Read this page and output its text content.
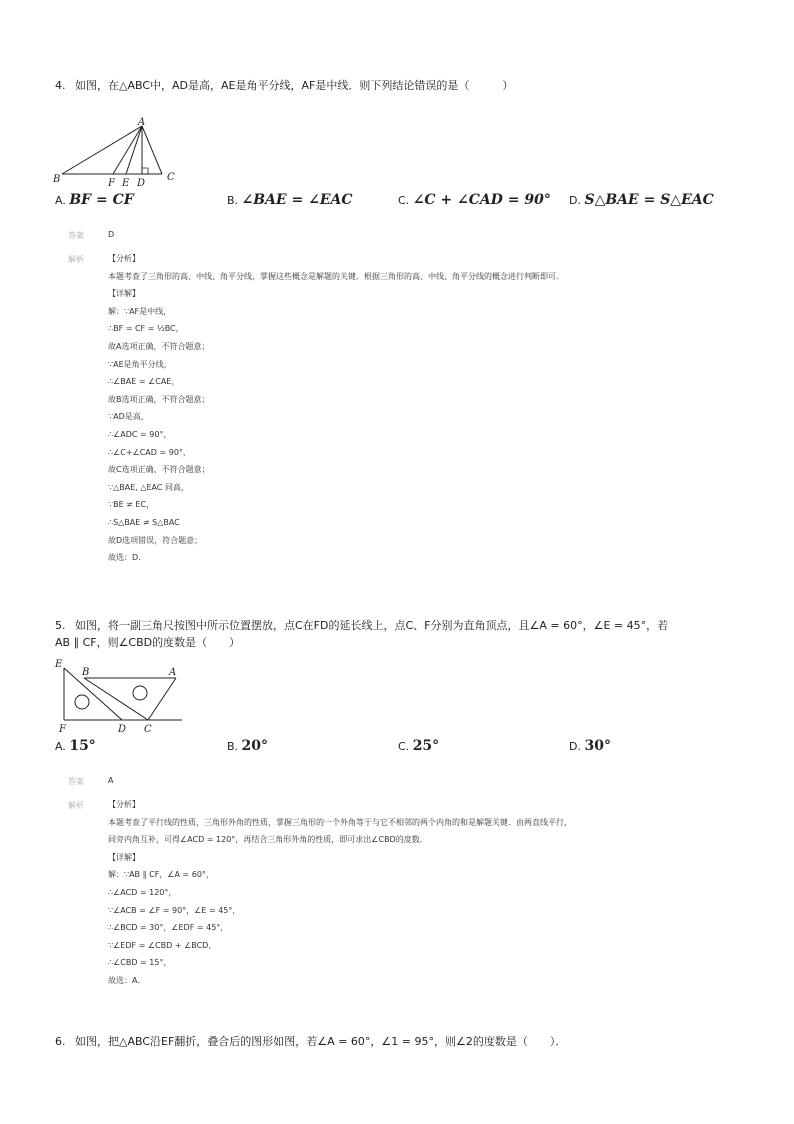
4. 如图，在△ABC中，AD是高，AE是角平分线，AF是中线．则下列结论错误的是（　　　）
A
B	C
F E D
A. BF = CF	B. ∠BAE = ∠EAC	C. ∠C + ∠CAD = 90° D. S△BAE = S△EAC
答案	D
解析	【分析】
本题考查了三角形的高、中线、角平分线，掌握这些概念是解题的关键．根据三角形的高、中线、角平分线的概念进行判断即可．
【详解】
解：∵AF是中线，
∴BF = CF = ½BC，
故A选项正确，不符合题意；
∵AE是角平分线，
∴∠BAE = ∠CAE，
故B选项正确，不符合题意；
∵AD是高，
∴∠ADC = 90°，
∴∠C+∠CAD = 90°，
故C选项正确，不符合题意；
∵△BAE, △EAC 同高，
∵BE ≠ EC，
∴S△BAE ≠ S△BAC
故D选项错误，符合题意；
故选：D．
5. 如图，将一副三角尺按图中所示位置摆放，点C在FD的延长线上，点C、F分别为直角顶点，且∠A = 60°，∠E = 45°，若
AB ∥ CF，则∠CBD的度数是（　　）
E
B	A
F	D C
A. 15°	B. 20°	C. 25°	D. 30°
答案	A
解析	【分析】
本题考查了平行线的性质，三角形外角的性质，掌握三角形的一个外角等于与它不相邻的两个内角的和是解题关键．由两直线平行，
同旁内角互补，可得∠ACD = 120°，再结合三角形外角的性质，即可求出∠CBD的度数．
【详解】
解：∵AB ∥ CF，∠A = 60°，
∴∠ACD = 120°，
∵∠ACB = ∠F = 90°，∠E = 45°，
∴∠BCD = 30°，∠EDF = 45°，
∵∠EDF = ∠CBD + ∠BCD，
∴∠CBD = 15°，
故选：A．
6. 如图，把△ABC沿EF翻折，叠合后的图形如图，若∠A = 60°，∠1 = 95°，则∠2的度数是（　　）．
